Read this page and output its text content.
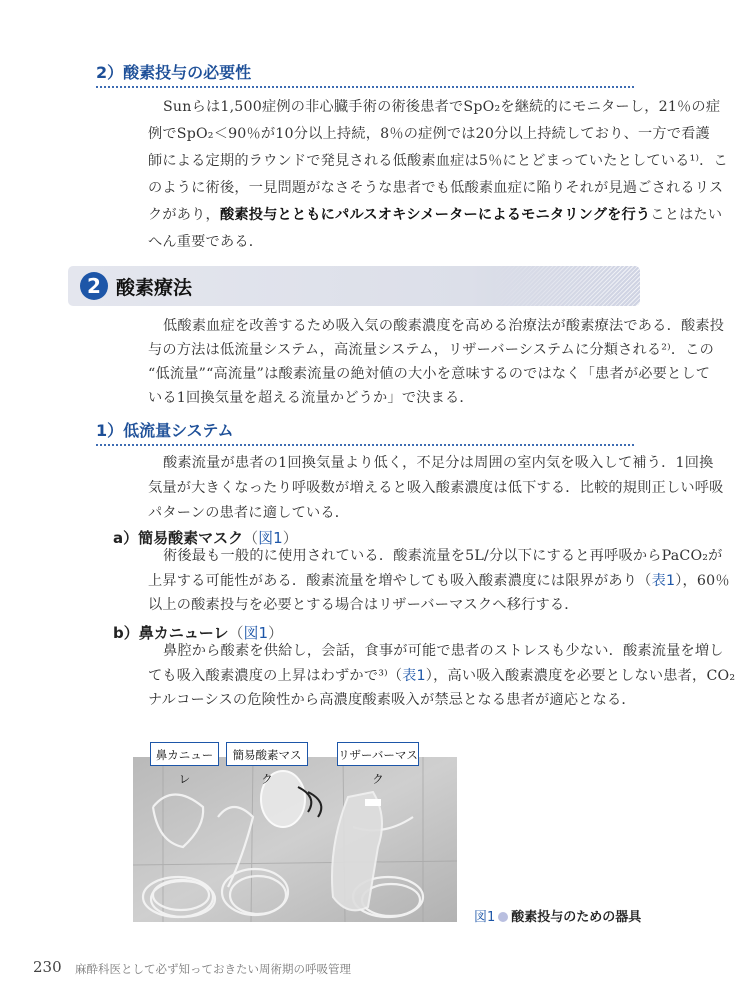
2）酸素投与の必要性
Sunらは1,500症例の非心臓手術の術後患者でSpO₂を継続的にモニターし，21％の症
例でSpO₂＜90％が10分以上持続，8％の症例では20分以上持続しており、一方で看護
師による定期的ラウンドで発見される低酸素血症は5％にとどまっていたとしている¹⁾．こ
のように術後，一見問題がなさそうな患者でも低酸素血症に陥りそれが見過ごされるリス
クがあり，酸素投与とともにパルスオキシメーターによるモニタリングを行うことはたい
へん重要である．
2 酸素療法
低酸素血症を改善するため吸入気の酸素濃度を高める治療法が酸素療法である．酸素投
与の方法は低流量システム，高流量システム，リザーバーシステムに分類される²⁾．この
“低流量”“高流量”は酸素流量の絶対値の大小を意味するのではなく「患者が必要として
いる1回換気量を超える流量かどうか」で決まる．
1）低流量システム
酸素流量が患者の1回換気量より低く，不足分は周囲の室内気を吸入して補う．1回換
気量が大きくなったり呼吸数が増えると吸入酸素濃度は低下する．比較的規則正しい呼吸
パターンの患者に適している．
a）簡易酸素マスク（図1）
術後最も一般的に使用されている．酸素流量を5L/分以下にすると再呼吸からPaCO₂が
上昇する可能性がある．酸素流量を増やしても吸入酸素濃度には限界があり（表1），60％
以上の酸素投与を必要とする場合はリザーバーマスクへ移行する．
b）鼻カニューレ（図1）
鼻腔から酸素を供給し，会話，食事が可能で患者のストレスも少ない．酸素流量を増し
ても吸入酸素濃度の上昇はわずかで³⁾（表1），高い吸入酸素濃度を必要としない患者，CO₂
ナルコーシスの危険性から高濃度酸素吸入が禁忌となる患者が適応となる．
鼻カニューレ
簡易酸素マスク
リザーバーマスク
図1 酸素投与のための器具
230 麻酔科医として必ず知っておきたい周術期の呼吸管理
